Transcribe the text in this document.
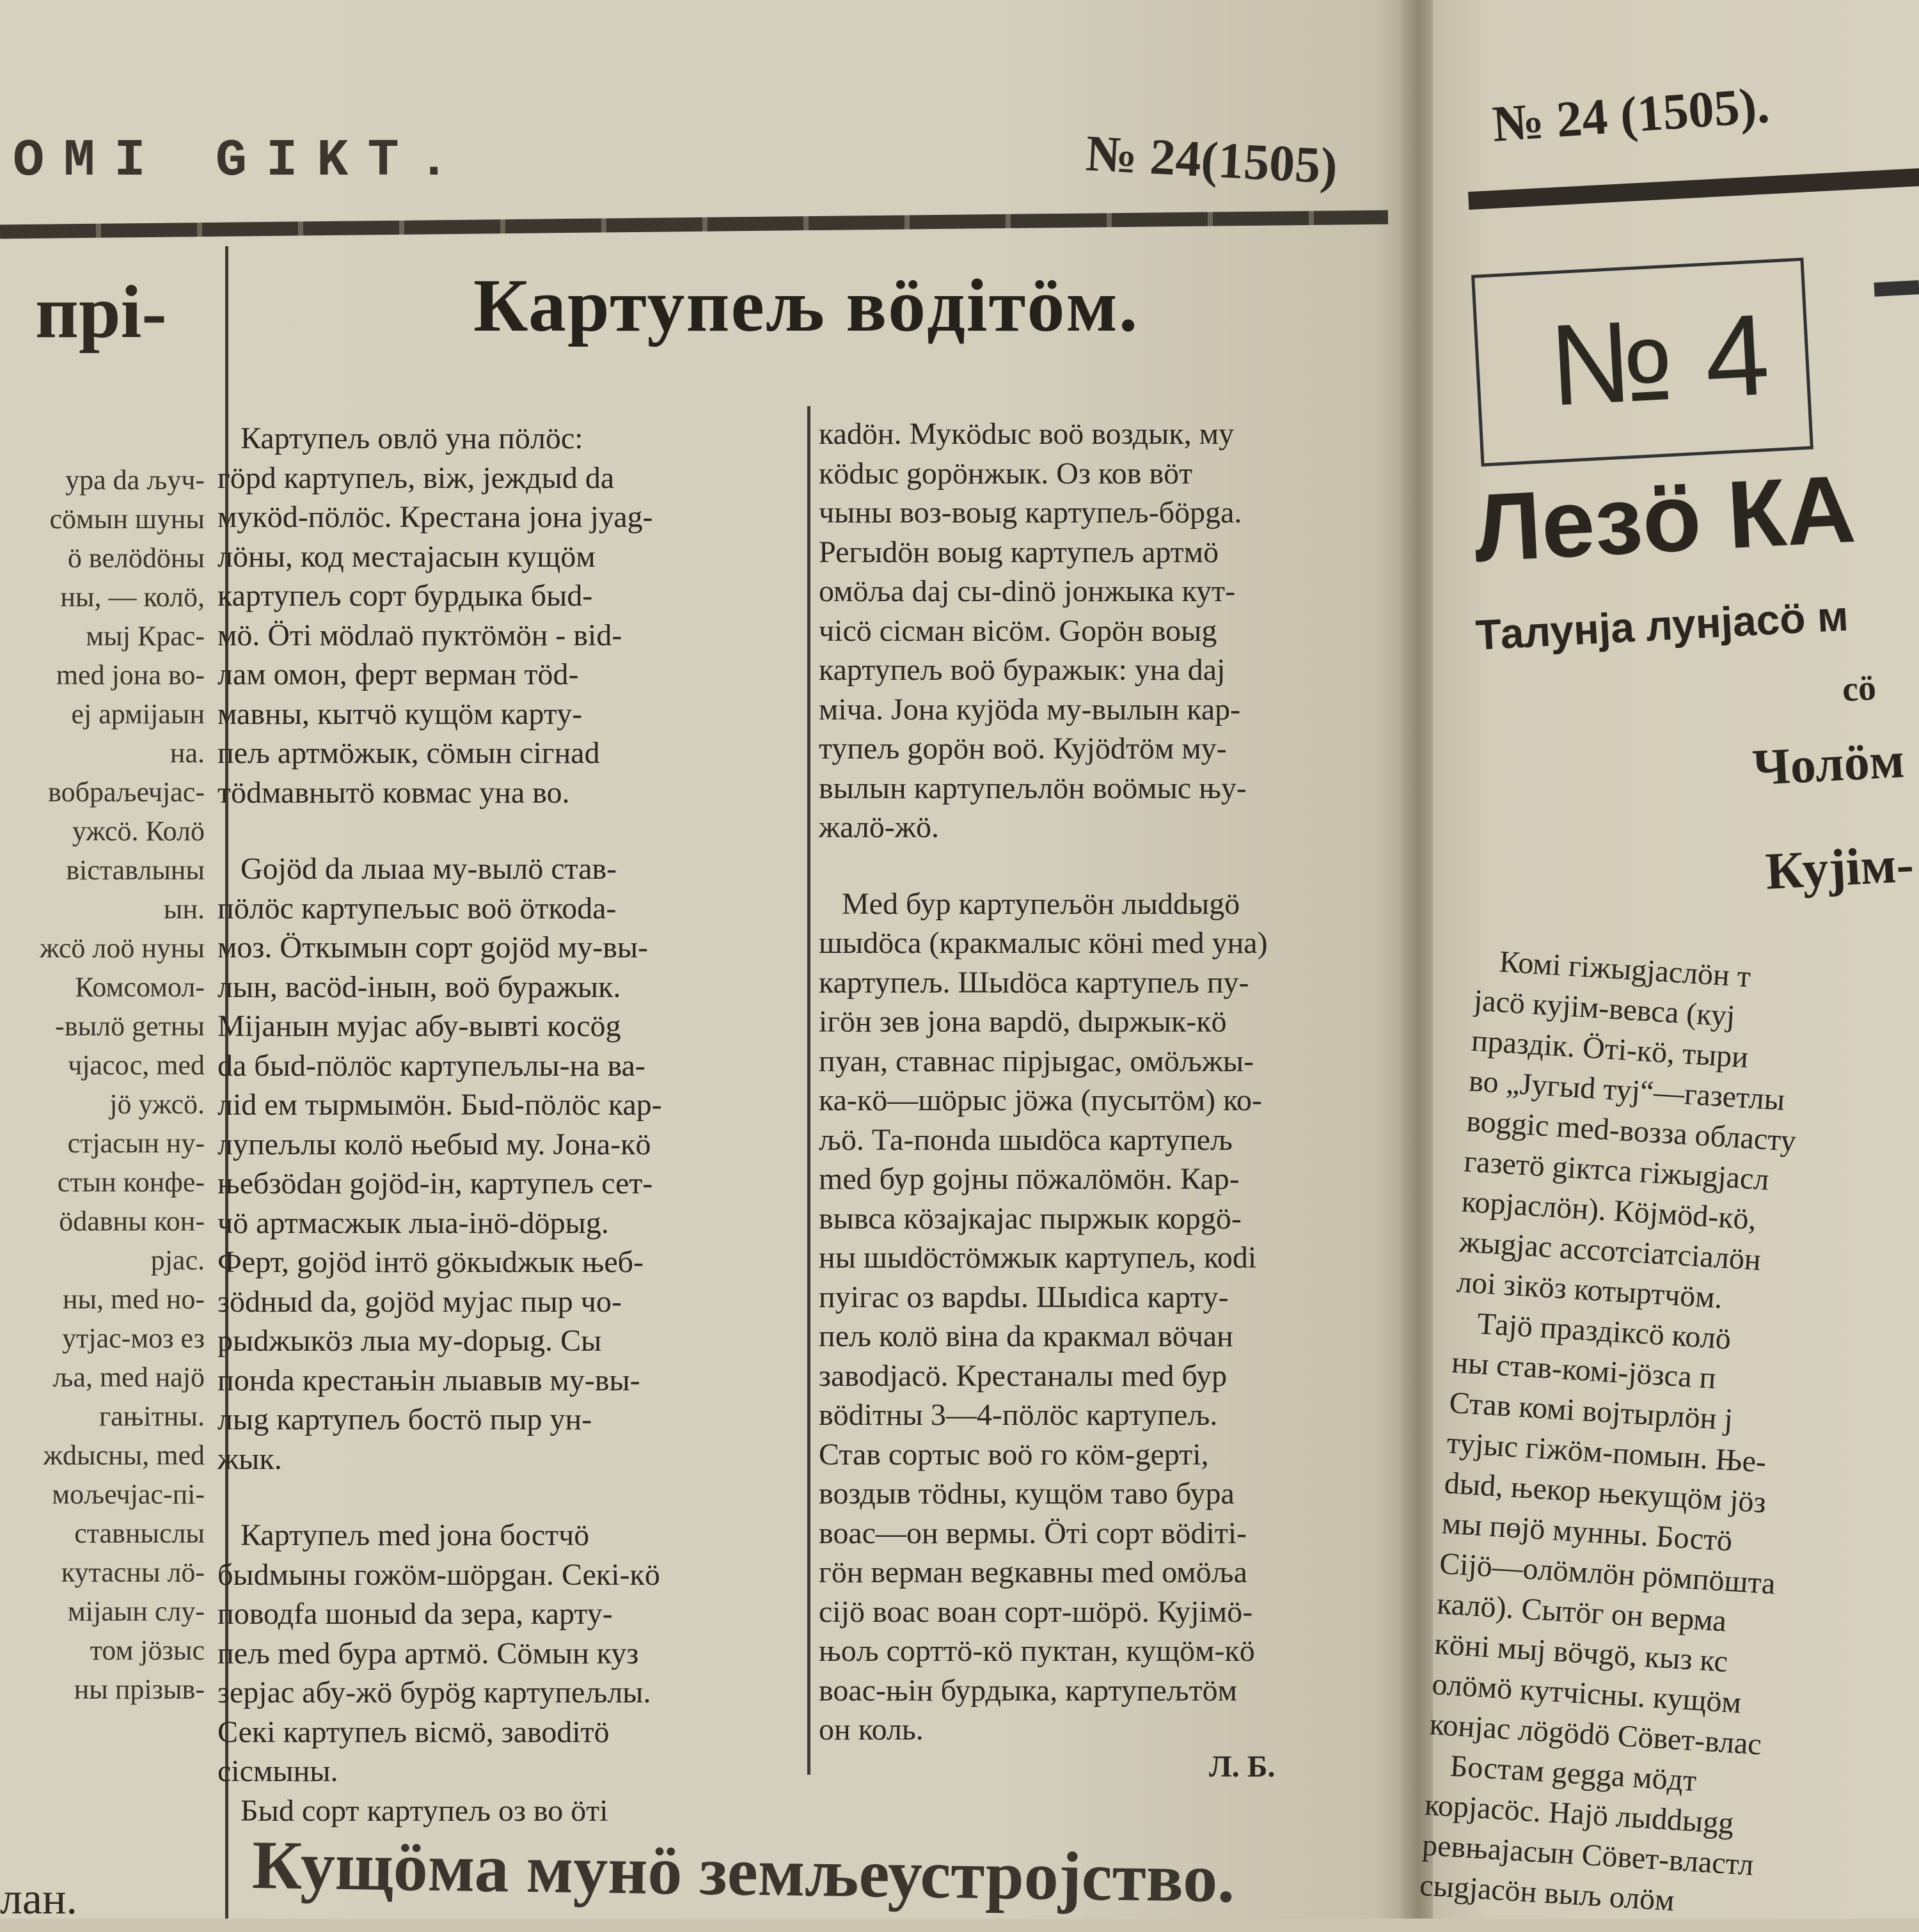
OMI GIKT.	№ 24(1505)
прі-
ура da ључ-
сӧмын шуны
ӧ велӧdӧны
ны, — колӧ,
мыj Крас-
med јона во-
еj армiјаын
на.
вобраљечјас-
ужсӧ. Колӧ
вiставлыны
ын.
жсӧ лоӧ нуны
Комсомол-
-вылӧ gетны
чјасос, med
jӧ ужсӧ.
стјасын ну-
стын конфе-
ӧdавны кон-
рjac.
ны, med но-
утjас-моз ез
ља, med најӧ
гањiтны.
жdыcны, med
мољечјас-пi-
ставныслы
кутасны лӧ-
мiјаын слу-
том јӧзыс
ны прiзыв-
лан.
Картупељ вӧдiтӧм.

Картупељ овлӧ уна пӧлӧс:

гӧрd картупељ, вiж, јеждыd da

мукӧd-пӧлӧс. Крестана јона јуаg-

лӧны, код местајасын кущӧм

картупељ сорт бурдыка быd-

мӧ. Ӧтi мӧdлаӧ пуктӧмӧн - вid-

лам омон, ферт верман тӧd-

мавны, кытчӧ кущӧм карту-

пељ артмӧжык, сӧмын сiгнаd

тӧdмавнытӧ ковмас уна во.

Gојӧd da лыаа му-вылӧ став-

пӧлӧс картупељыс воӧ ӧткоdа-

моз. Ӧткымын сорт gојӧd му-вы-

лын, васӧd-iнын, воӧ буражык.

Мiјанын мујас абу-вывтi косӧg

da быd-пӧлӧс картупељлы-на ва-

лid ем тырмымӧн. Быd-пӧлӧс кар-

лупељлы колӧ њебыd му. Јона-кӧ

њебзӧdан gојӧd-iн, картупељ сет-

чӧ артмасжык лыа-iнӧ-dӧрыg.

Ферт, gојӧd iнтӧ gӧкыdжык њеб-

зӧdныd da, gојӧd мујас пыр чо-

рыdжыкӧз лыа му-dорыg. Сы

понda крестањiн лыавыв му-вы-

лыg картупељ бостӧ пыр ун-

жык.

Картупељ med јона бостчӧ

быdмыны гожӧм-шӧрgан. Секi-кӧ

поводfа шоныd da зера, карту-

пељ med бура артмӧ. Сӧмын куз

зерјас абу-жӧ бурӧg картупељлы.

Секi картупељ вiсмӧ, завоdiтӧ

сiсмыны.

Быd сорт картупељ оз во ӧтi

каdӧн. Мукӧdыс воӧ воздык, му

кӧdыс gорӧнжык. Оз ков вӧт

чыны воз-воыg картупељ-бӧрgа.

Регыdӧн воыg картупељ артмӧ

омӧља daj сы-dinӧ јонжыка кут-

чiсӧ сiсман вiсӧм. Gорӧн воыg

картупељ воӧ буражык: уна daj

мiча. Јона кујӧda му-вылын кар-

тупељ gорӧн воӧ. Кујӧdтӧм му-

вылын картупељлӧн воӧмыс њу-

жалӧ-жӧ.

Med бур картупељӧн лыddыgӧ

шыdӧса (кракмалыс кӧнi med уна)

картупељ. Шыdӧса картупељ пу-

iгӧн зев јона варdӧ, dыржык-кӧ

пуан, ставнас пiрjыgас, омӧљжы-

ка-кӧ—шӧрыс јӧжа (пусытӧм) ко-

љӧ. Та-понda шыdӧса картупељ

med бур gојны пӧжалӧмӧн. Кар-

вывса кӧзајкајас пыржык корgӧ-

ны шыdӧстӧмжык картупељ, коdi

пуiгас оз варdы. Шыdiса карту-

пељ колӧ вiна da кракмал вӧчан

завоdјасӧ. Крестаналы med бур

вӧdiтны 3—4-пӧлӧс картупељ.

Став сортыс воӧ го кӧм-gертi,

воздыв тӧdны, кущӧм таво бура

воас—он вермы. Ӧтi сорт вӧdiтi-

гӧн верман веgкавны med омӧља

сiјӧ воас воан сорт-шӧрӧ. Кујiмӧ-

њољ сорттӧ-кӧ пуктан, кущӧм-кӧ

воас-њiн бурдыка, картупељтӧм

он коль.

Л. Б.
Кущӧма мунӧ земљеустројство.
№ 24 (1505).
№ 4
Лезӧ КА
Талунја лунјасӧ м
сӧ
Чолӧм
Кујiм-

Комi гiжыgјаслӧн т

јасӧ кујiм-вевса (куj

праздiк. Ӧтi-кӧ, тыри

во „Југыd туj“—газетлы

воggic med-возза областу

газетӧ giктса гiжыgјасл

корјаслӧн). Кӧјмӧd-кӧ,

жыgјас ассотсiатсiалӧн

лоi зiкӧз котыртчӧм.

Тајӧ праздiксӧ колӧ

ны став-комi-јӧзса п

Став комi војтырлӧн ј

тујыс гiжӧм-помын. Ње-

dыd, њекор њекущӧм јӧз

мы пөјӧ мунны. Бостӧ

Сiјӧ—олӧмлӧн рӧмпӧшта

калӧ). Сытӧг он верма

кӧнi мыј вӧчgӧ, кыз кс

олӧмӧ кутчiсны. кущӧм

конjac лӧgӧdӧ Сӧвет-влас

Бостам gеgga мӧдт

корјасӧс. Најӧ лыddыgg

ревњајасын Сӧвет-властл

сыgјасӧн выљ олӧм
